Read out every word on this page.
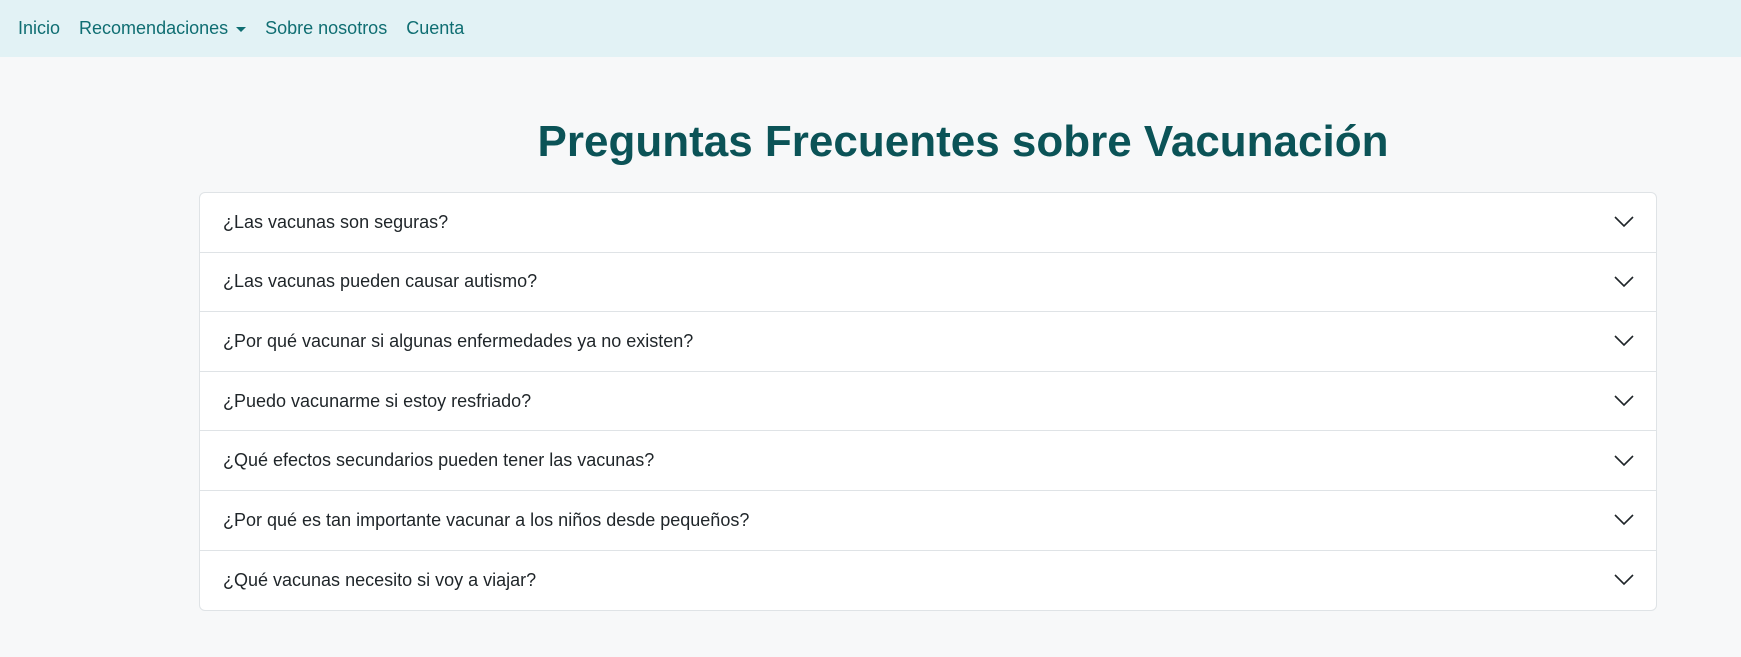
Inicio Recomendaciones Sobre nosotros Cuenta
Preguntas Frecuentes sobre Vacunación
¿Las vacunas son seguras?
¿Las vacunas pueden causar autismo?
¿Por qué vacunar si algunas enfermedades ya no existen?
¿Puedo vacunarme si estoy resfriado?
¿Qué efectos secundarios pueden tener las vacunas?
¿Por qué es tan importante vacunar a los niños desde pequeños?
¿Qué vacunas necesito si voy a viajar?
